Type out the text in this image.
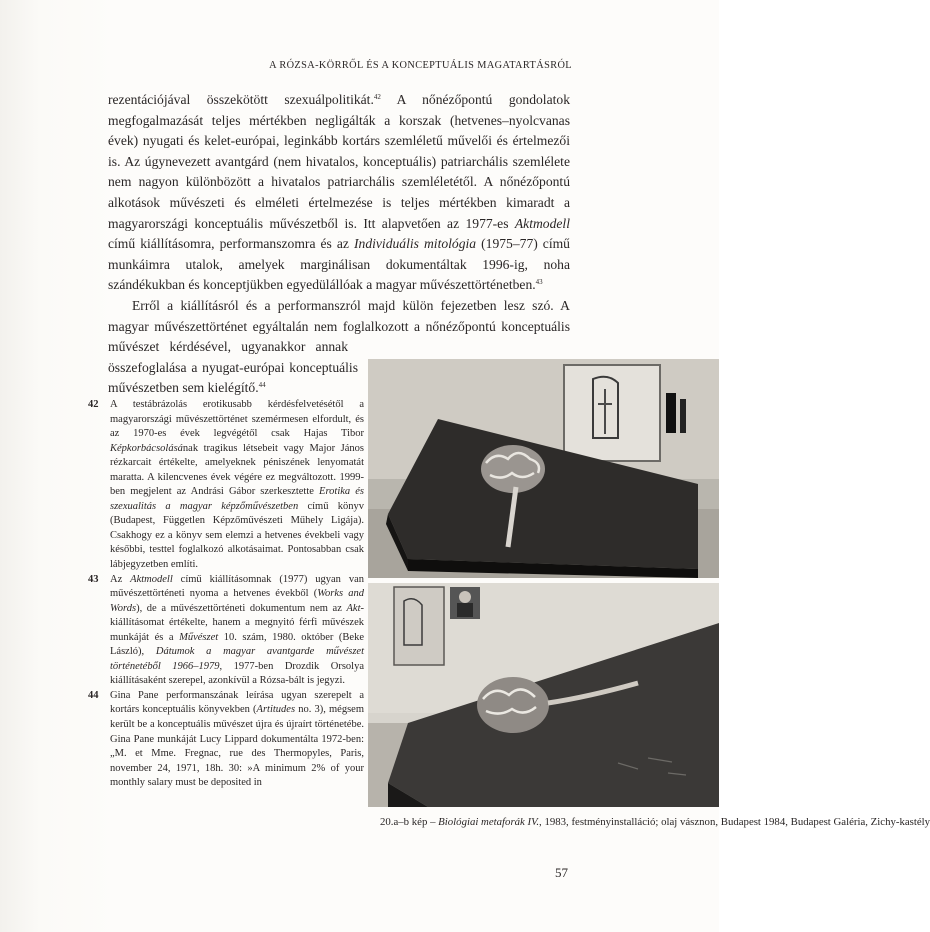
A RÓZSA-KÖRRŐL ÉS A KONCEPTUÁLIS MAGATARTÁSRÓL

rezentációjával összekötött szexuálpolitikát.$^{42}$ A nőnézőpontú gondolatok megfogalmazását teljes mértékben negligálták a korszak (hetvenes–nyolcvanas évek) nyugati és kelet-európai, leginkább kortárs szemléletű művelői és értelmezői is. Az úgynevezett avantgárd (nem hivatalos, konceptuális) patriarchális szemlélete nem nagyon különbözött a hivatalos patriarchális szemléletétől. A nőnézőpontú alkotások művészeti és elméleti értelmezése is teljes mértékben kimaradt a magyarországi konceptuális művészetből is. Itt alapvetően az 1977-es Aktmodell című kiállításomra, performanszomra és az Individuális mitológia (1975–77) című munkáimra utalok, amelyek marginálisan dokumentáltak 1996-ig, noha szándékukban és konceptjükben egyedülállóak a magyar művészettörténetben.$^{43}$

Erről a kiállításról és a performanszról majd külön fejezetben lesz szó. A
magyar művészettörténet egyáltalán nem foglalkozott a nőnézőpontú konceptuális
művészet kérdésével, ugyanakkor annak
összefoglalása a nyugat-európai konceptuális
művészetben sem kielégítő.$^{44}$

42 A testábrázolás erotikusabb kérdésfelvetésétől a magyarországi művészettörténet szemérmesen elfordult, és az 1970-es évek legvégétől csak Hajas Tibor Képkorbácsolásának tragikus létsebeit vagy Major János rézkarcait értékelte, amelyeknek péniszének lenyomatát maratta. A kilencvenes évek végére ez megváltozott. 1999-ben megjelent az Andrási Gábor szerkesztette Erotika és szexualitás a magyar képzőművészetben című könyv (Budapest, Független Képzőművészeti Műhely Ligája). Csakhogy ez a könyv sem elemzi a hetvenes évekbeli vagy későbbi, testtel foglalkozó alkotásaimat. Pontosabban csak lábjegyzetben említi.

43 Az Aktmodell című kiállításomnak (1977) ugyan van művészettörténeti nyoma a hetvenes évekből (Works and Words), de a művészettörténeti dokumentum nem az Akt-kiállításomat értékelte, hanem a megnyitó férfi művészek munkáját és a Művészet 10. szám, 1980. október (Beke László), Dátumok a magyar avantgarde művészet történetéből 1966–1979, 1977-ben Drozdik Orsolya kiállításaként szerepel, azonkívül a Rózsa-bált is jegyzi.

44 Gina Pane performanszának leírása ugyan szerepelt a kortárs konceptuális könyvekben (Artitudes no. 3), mégsem került be a konceptuális művészet újra és újraírt történetébe. Gina Pane munkáját Lucy Lippard dokumentálta 1972-ben: „M. et Mme. Fregnac, rue des Thermopyles, Paris, november 24, 1971, 18h. 30: »A minimum 2% of your monthly salary must be deposited in

20.a–b kép – Biológiai metaforák IV., 1983, festményinstalláció; olaj vásznon, Budapest 1984, Budapest Galéria, Zichy-kastély
57
